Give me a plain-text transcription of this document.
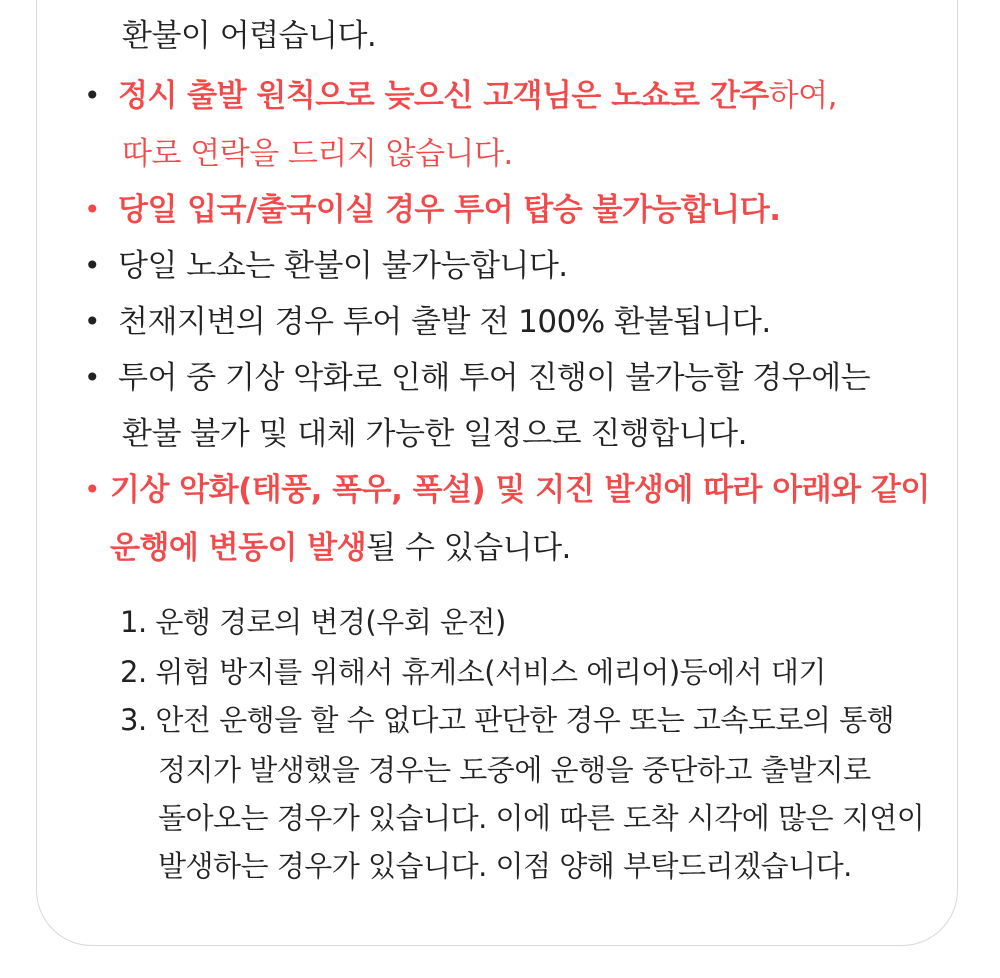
환불이 어렵습니다.
• 정시 출발 원칙으로 늦으신 고객님은 노쇼로 간주하여,
따로 연락을 드리지 않습니다.
• 당일 입국/출국이실 경우 투어 탑승 불가능합니다.
• 당일 노쇼는 환불이 불가능합니다.
• 천재지변의 경우 투어 출발 전 100% 환불됩니다.
• 투어 중 기상 악화로 인해 투어 진행이 불가능할 경우에는
환불 불가 및 대체 가능한 일정으로 진행합니다.
• 기상 악화(태풍, 폭우, 폭설) 및 지진 발생에 따라 아래와 같이
운행에 변동이 발생될 수 있습니다.
1. 운행 경로의 변경(우회 운전)
2. 위험 방지를 위해서 휴게소(서비스 에리어)등에서 대기
3. 안전 운행을 할 수 없다고 판단한 경우 또는 고속도로의 통행
정지가 발생했을 경우는 도중에 운행을 중단하고 출발지로
돌아오는 경우가 있습니다. 이에 따른 도착 시각에 많은 지연이
발생하는 경우가 있습니다. 이점 양해 부탁드리겠습니다.
